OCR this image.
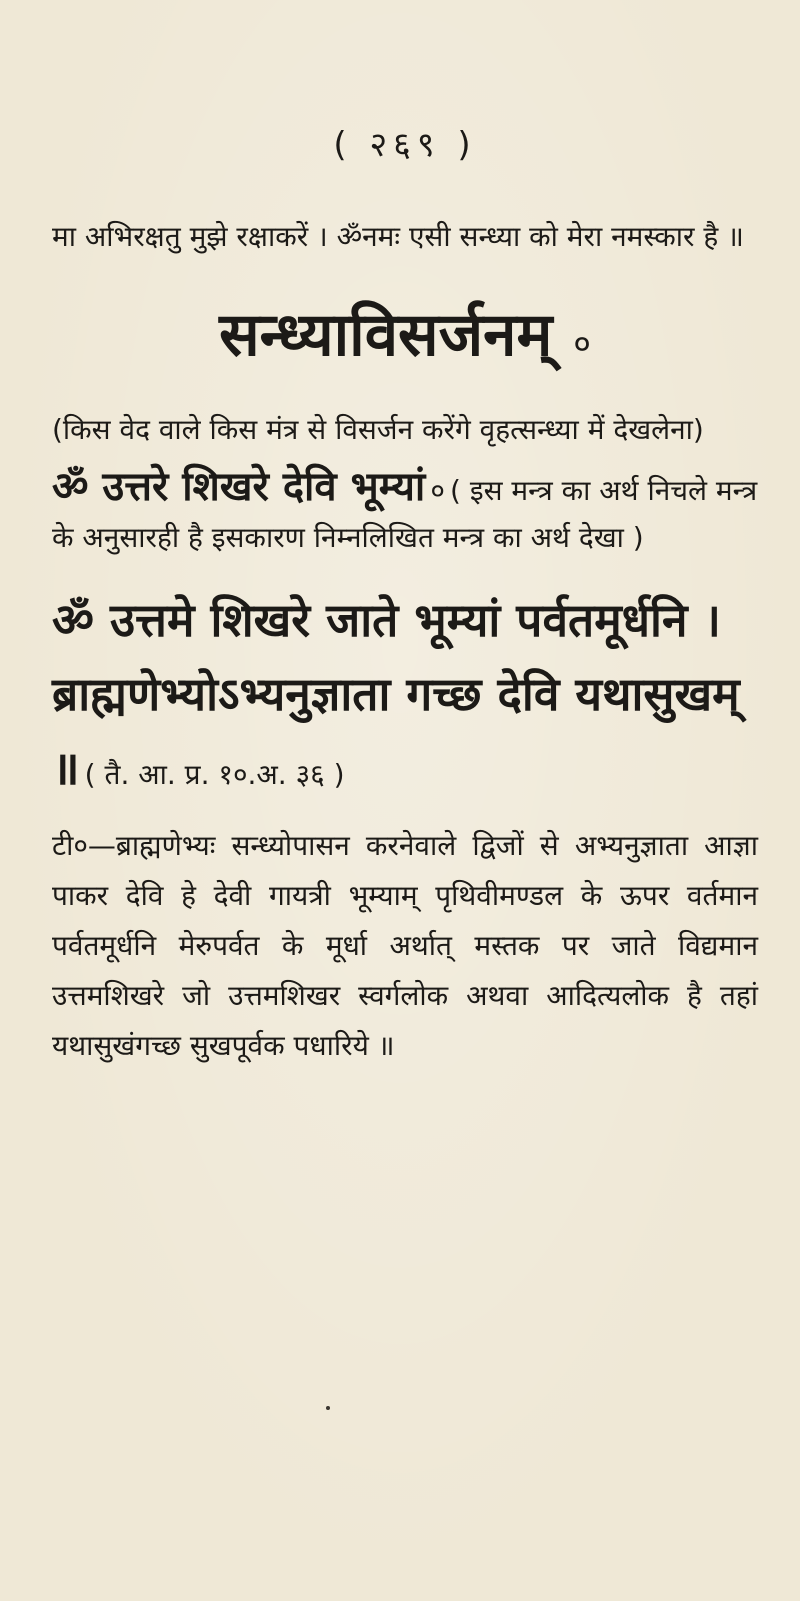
( २६९ )

मा अभिरक्षतु मुझे रक्षाकरें । ॐनमः एसी सन्ध्या को मेरा नमस्कार है ॥

सन्ध्याविसर्जनम् ०

(किस वेद वाले किस मंत्र से विसर्जन करेंगे वृहत्सन्ध्या में देखलेना)

ॐ उत्तरे शिखरे देवि भूम्यां ० ( इस मन्त्र का अर्थ निचले मन्त्र के अनुसारही है इसकारण निम्नलिखित मन्त्र का अर्थ देखा )
ॐ उत्तमे शिखरे जाते भूम्यां पर्वतमूर्धनि । ब्राह्मणेभ्योऽभ्यनुज्ञाता गच्छ देवि यथासुखम् ॥ ( तै. आ. प्र. १०.अ. ३६ )

टी०—ब्राह्मणेभ्यः सन्ध्योपासन करनेवाले द्विजों से अभ्यनुज्ञाता आज्ञा पाकर देवि हे देवी गायत्री भूम्याम् पृथिवीमण्डल के ऊपर वर्तमान पर्वतमूर्धनि मेरुपर्वत के मूर्धा अर्थात् मस्तक पर जाते विद्यमान उत्तमशिखरे जो उत्तमशिखर स्वर्गलोक अथवा आदित्यलोक है तहां यथासुखंगच्छ सुखपूर्वक पधारिये ॥
